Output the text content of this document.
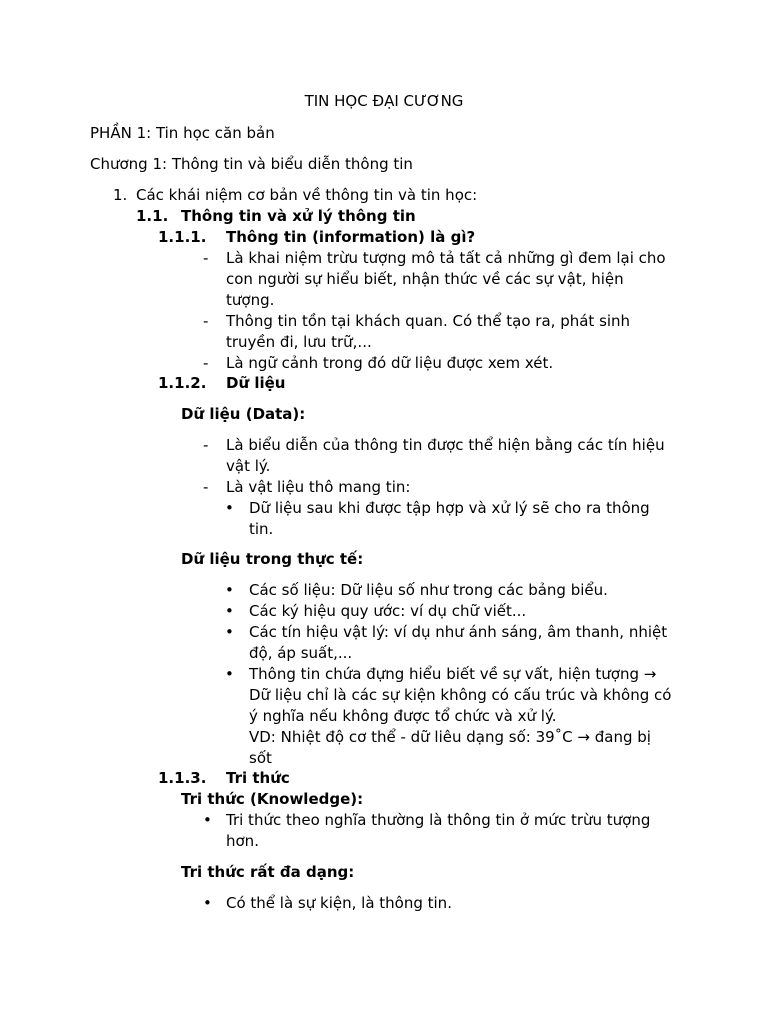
TIN HỌC ĐẠI CƯƠNG
PHẦN 1: Tin học căn bản
Chương 1: Thông tin và biểu diễn thông tin
1. Các khái niệm cơ bản về thông tin và tin học:
1.1. Thông tin và xử lý thông tin
1.1.1. Thông tin (information) là gì?
- Là khai niệm trừu tượng mô tả tất cả những gì đem lại cho
con người sự hiểu biết, nhận thức về các sự vật, hiện
tượng.
- Thông tin tồn tại khách quan. Có thể tạo ra, phát sinh
truyền đi, lưu trữ,...
- Là ngữ cảnh trong đó dữ liệu được xem xét.
1.1.2. Dữ liệu
Dữ liệu (Data):
- Là biểu diễn của thông tin được thể hiện bằng các tín hiệu
vật lý.
- Là vật liệu thô mang tin:
• Dữ liệu sau khi được tập hợp và xử lý sẽ cho ra thông
tin.
Dữ liệu trong thực tế:
• Các số liệu: Dữ liệu số như trong các bảng biểu.
• Các ký hiệu quy ước: ví dụ chữ viết...
• Các tín hiệu vật lý: ví dụ như ánh sáng, âm thanh, nhiệt
độ, áp suất,...
• Thông tin chứa đựng hiểu biết về sự vất, hiện tượng →
Dữ liệu chỉ là các sự kiện không có cấu trúc và không có
ý nghĩa nếu không được tổ chức và xử lý.
VD: Nhiệt độ cơ thể - dữ liêu dạng số: 39˚C → đang bị
sốt
1.1.3. Tri thức
Tri thức (Knowledge):
• Tri thức theo nghĩa thường là thông tin ở mức trừu tượng
hơn.
Tri thức rất đa dạng:
• Có thể là sự kiện, là thông tin.
